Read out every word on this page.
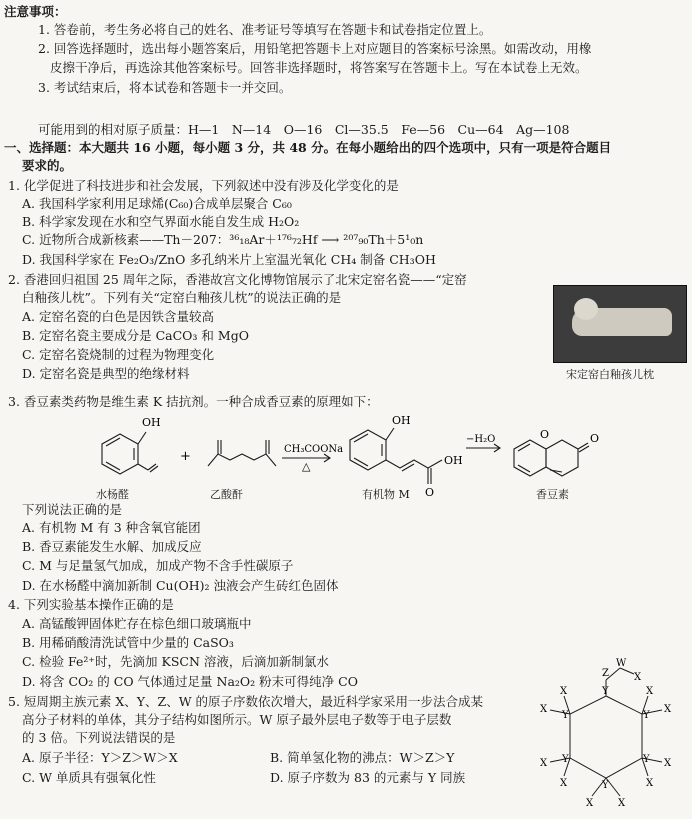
注意事项：
1. 答卷前，考生务必将自己的姓名、准考证号等填写在答题卡和试卷指定位置上。
2. 回答选择题时，选出每小题答案后，用铅笔把答题卡上对应题目的答案标号涂黑。如需改动，用橡
皮擦干净后，再选涂其他答案标号。回答非选择题时，将答案写在答题卡上。写在本试卷上无效。
3. 考试结束后，将本试卷和答题卡一并交回。
可能用到的相对原子质量：H—1　N—14　O—16　Cl—35.5　Fe—56　Cu—64　Ag—108
一、选择题：本大题共 16 小题，每小题 3 分，共 48 分。在每小题给出的四个选项中，只有一项是符合题目
要求的。
1. 化学促进了科技进步和社会发展，下列叙述中没有涉及化学变化的是
A. 我国科学家利用足球烯(C₆₀)合成单层聚合 C₆₀
B. 科学家发现在水和空气界面水能自发生成 H₂O₂
C. 近物所合成新核素——Th－207：³⁶₁₈Ar＋¹⁷⁶₇₂Hf ⟶ ²⁰⁷₉₀Th＋5¹₀n
D. 我国科学家在 Fe₂O₃/ZnO 多孔纳米片上室温光氧化 CH₄ 制备 CH₃OH
2. 香港回归祖国 25 周年之际，香港故宫文化博物馆展示了北宋定窑名瓷——“定窑
白釉孩儿枕”。下列有关“定窑白釉孩儿枕”的说法正确的是
A. 定窑名瓷的白色是因铁含量较高
B. 定窑名瓷主要成分是 CaCO₃ 和 MgO
C. 定窑名瓷烧制的过程为物理变化
D. 定窑名瓷是典型的绝缘材料	宋定窑白釉孩儿枕
3. 香豆素类药物是维生素 K 拮抗剂。一种合成香豆素的原理如下：
OH
+	CH₃COONa
△
OH
OH
O
−H₂O	O	O
水杨醛	乙酸酐	有机物 M	香豆素
下列说法正确的是
A. 有机物 M 有 3 种含氧官能团
B. 香豆素能发生水解、加成反应
C. M 与足量氢气加成，加成产物不含手性碳原子
D. 在水杨醛中滴加新制 Cu(OH)₂ 浊液会产生砖红色固体
4. 下列实验基本操作正确的是
A. 高锰酸钾固体贮存在棕色细口玻璃瓶中
B. 用稀硝酸清洗试管中少量的 CaSO₃
C. 检验 Fe²⁺时，先滴加 KSCN 溶液，后滴加新制氯水
D. 将含 CO₂ 的 CO 气体通过足量 Na₂O₂ 粉末可得纯净 CO
5. 短周期主族元素 X、Y、Z、W 的原子序数依次增大，最近科学家采用一步法合成某
高分子材料的单体，其分子结构如图所示。W 原子最外层电子数等于电子层数
的 3 倍。下列说法错误的是
A. 原子半径：Y＞Z＞W＞X	B. 简单氢化物的沸点：W＞Z＞Y
C. W 单质具有强氧化性	D. 原子序数为 83 的元素与 Y 同族
Z
W
X
Y
Y	Y
Y	Y
Y
X
X
X
X
X
X
X
X
X X
